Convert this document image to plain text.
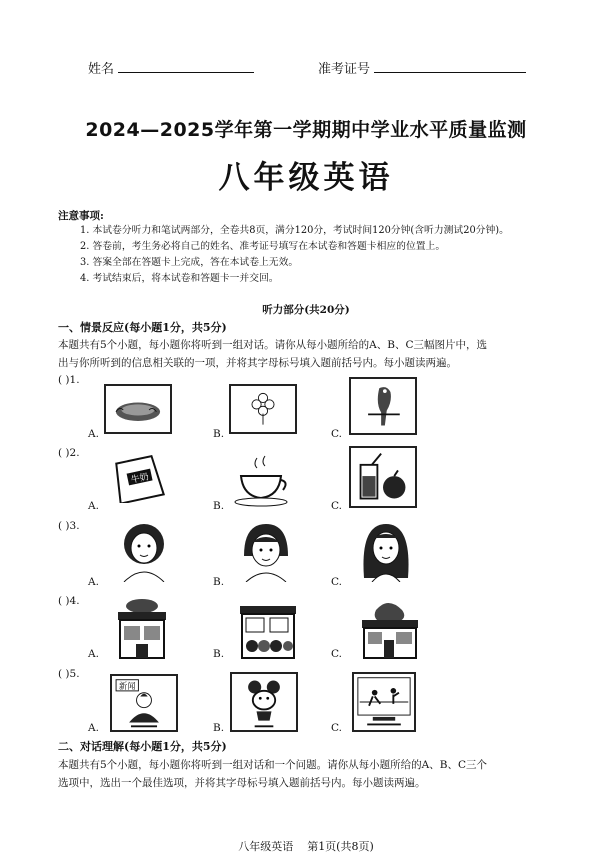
姓名	准考证号
2024—2025学年第一学期期中学业水平质量监测
八年级英语
注意事项:
1. 本试卷分听力和笔试两部分，全卷共8页，满分120分，考试时间120分钟(含听力测试20分钟)。
2. 答卷前，考生务必将自己的姓名、准考证号填写在本试卷和答题卡相应的位置上。
3. 答案全部在答题卡上完成，答在本试卷上无效。
4. 考试结束后，将本试卷和答题卡一并交回。
听力部分(共20分)
一、情景反应(每小题1分，共5分)
本题共有5个小题，每小题你将听到一组对话。请你从每小题所给的A、B、C三幅图片中，选
出与你所听到的信息相关联的一项，并将其字母标号填入题前括号内。每小题读两遍。
( )1.
A.	B.	C.
( )2.
A.
牛奶
B.	C.
( )3.
A.	B.	C.
( )4.
A.	B.	C.
( )5.
A.
新闻
B.	C.
二、对话理解(每小题1分，共5分)
本题共有5个小题，每小题你将听到一组对话和一个问题。请你从每小题所给的A、B、C三个
选项中，选出一个最佳选项，并将其字母标号填入题前括号内。每小题读两遍。
八年级英语    第1页(共8页)
